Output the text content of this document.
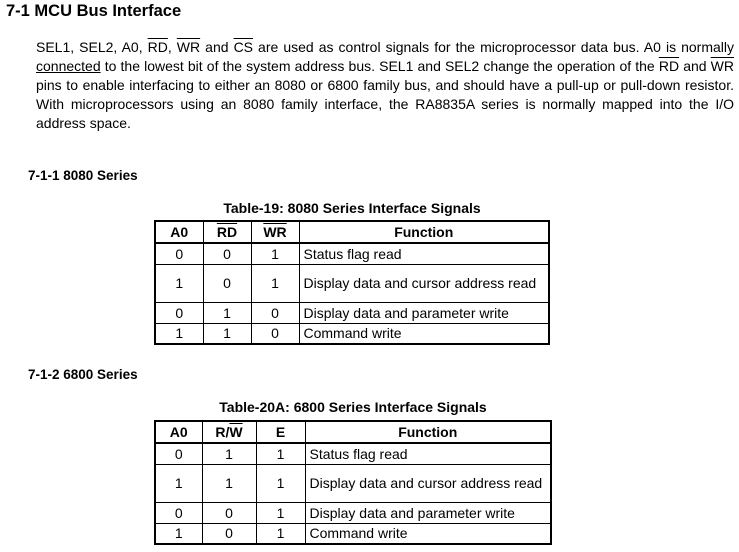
7-1 MCU Bus Interface
SEL1, SEL2, A0, $\overline{RD}$, $\overline{WR}$ and $\overline{CS}$ are used as control signals for the microprocessor data bus. A0 is normally connected to the lowest bit of the system address bus. SEL1 and SEL2 change the operation of the $\overline{RD}$ and $\overline{WR}$ pins to enable interfacing to either an 8080 or 6800 family bus, and should have a pull-up or pull-down resistor. With microprocessors using an 8080 family interface, the RA8835A series is normally mapped into the I/O address space.
7-1-1 8080 Series
Table-19: 8080 Series Interface Signals
A0	$\overline{RD}$	$\overline{WR}$	Function
0	0	1	Status flag read
1	0	1	Display data and cursor address read
0	1	0	Display data and parameter write
1	1	0	Command write
7-1-2 6800 Series
Table-20A: 6800 Series Interface Signals
A0	$R/\overline{W}$	E	Function
0	1	1	Status flag read
1	1	1	Display data and cursor address read
0	0	1	Display data and parameter write
1	0	1	Command write
